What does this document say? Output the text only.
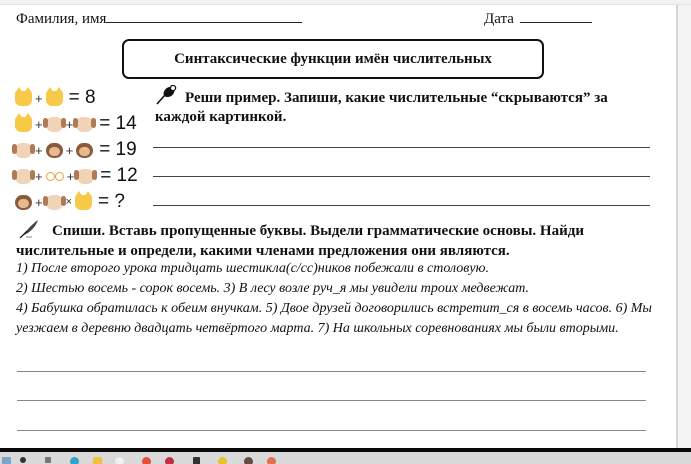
Фамилия, имя	Дата
Синтаксические функции имён числительных
+ = 8
+ + = 14
+ + = 19
+ + = 12
+ × = ?
Реши пример. Запиши, какие числительные “скрываются” за каждой картинкой.
Спиши. Вставь пропущенные буквы. Выдели грамматические основы. Найди числительные и определи, какими членами предложения они являются.
1) После второго урока тридцать шестикла(с/сс)ников побежали в столовую.
2) Шестью восемь - сорок восемь. 3) В лесу возле руч_я мы увидели троих медвежат.
4) Бабушка обратилась к обеим внучкам. 5) Двое друзей договорились встретит_ся в восемь часов. 6) Мы уезжаем в деревню двадцать четвёртого марта. 7) На школьных соревнованиях мы были вторыми.
